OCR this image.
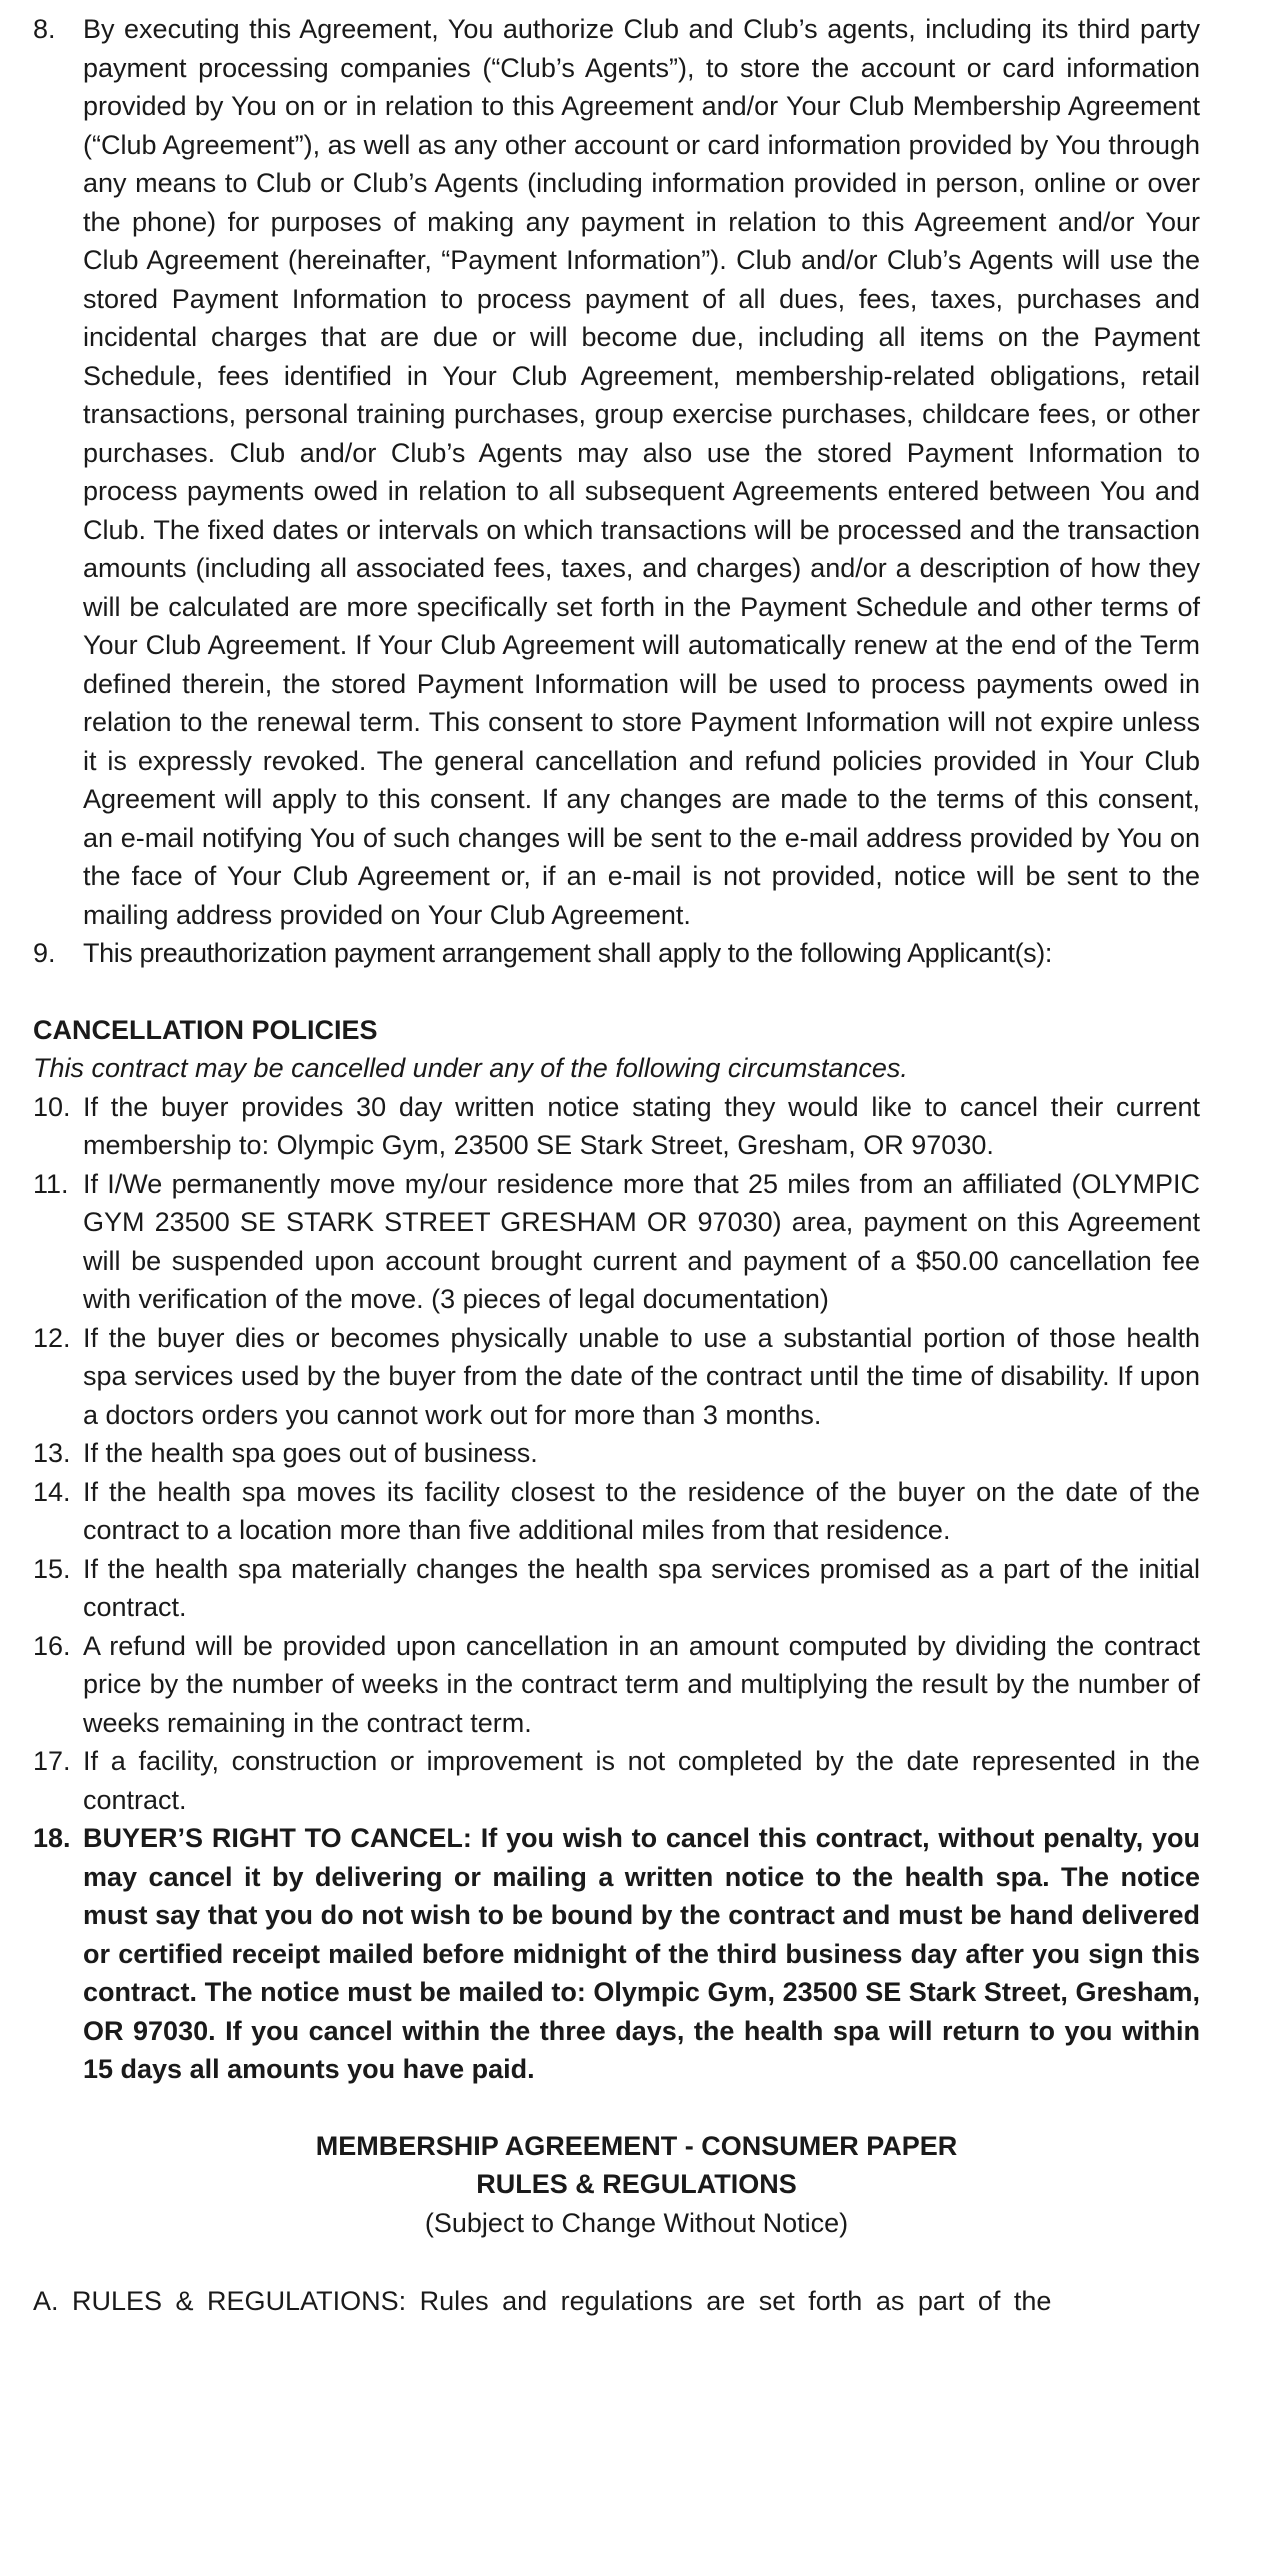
8.	By executing this Agreement, You authorize Club and Club’s agents, including its third party payment processing companies (“Club’s Agents”), to store the account or card information provided by You on or in relation to this Agreement and/or Your Club Membership Agreement (“Club Agreement”), as well as any other account or card information provided by You through any means to Club or Club’s Agents (including information provided in person, online or over the phone) for purposes of making any payment in relation to this Agreement and/or Your Club Agreement (hereinafter, “Payment Information”). Club and/or Club’s Agents will use the stored Payment Information to process payment of all dues, fees, taxes, purchases and incidental charges that are due or will become due, including all items on the Payment Schedule, fees identified in Your Club Agreement, membership-related obligations, retail transactions, personal training purchases, group exercise purchases, childcare fees, or other purchases. Club and/or Club’s Agents may also use the stored Payment Information to process payments owed in relation to all subsequent Agreements entered between You and Club. The fixed dates or intervals on which transactions will be processed and the transaction amounts (including all associated fees, taxes, and charges) and/or a description of how they will be calculated are more specifically set forth in the Payment Schedule and other terms of Your Club Agreement. If Your Club Agreement will automatically renew at the end of the Term defined therein, the stored Payment Information will be used to process payments owed in relation to the renewal term. This consent to store Payment Information will not expire unless it is expressly revoked. The general cancellation and refund policies provided in Your Club Agreement will apply to this consent. If any changes are made to the terms of this consent, an e-mail notifying You of such changes will be sent to the e-mail address provided by You on the face of Your Club Agreement or, if an e-mail is not provided, notice will be sent to the mailing address provided on Your Club Agreement.
9.	This preauthorization payment arrangement shall apply to the following Applicant(s):
CANCELLATION POLICIES
This contract may be cancelled under any of the following circumstances.
10. If the buyer provides 30 day written notice stating they would like to cancel their current membership to: Olympic Gym, 23500 SE Stark Street, Gresham, OR 97030.
11. If I/We permanently move my/our residence more that 25 miles from an affiliated (OLYMPIC GYM 23500 SE STARK STREET GRESHAM OR 97030) area, payment on this Agreement will be suspended upon account brought current and payment of a $50.00 cancellation fee with verification of the move. (3 pieces of legal documentation)
12. If the buyer dies or becomes physically unable to use a substantial portion of those health spa services used by the buyer from the date of the contract until the time of disability. If upon a doctors orders you cannot work out for more than 3 months.
13. If the health spa goes out of business.
14. If the health spa moves its facility closest to the residence of the buyer on the date of the contract to a location more than five additional miles from that residence.
15. If the health spa materially changes the health spa services promised as a part of the initial contract.
16. A refund will be provided upon cancellation in an amount computed by dividing the contract price by the number of weeks in the contract term and multiplying the result by the number of weeks remaining in the contract term.
17. If a facility, construction or improvement is not completed by the date represented in the contract.
18. BUYER’S RIGHT TO CANCEL: If you wish to cancel this contract, without penalty, you may cancel it by delivering or mailing a written notice to the health spa. The notice must say that you do not wish to be bound by the contract and must be hand delivered or certified receipt mailed before midnight of the third business day after you sign this contract. The notice must be mailed to: Olympic Gym, 23500 SE Stark Street, Gresham, OR 97030. If you cancel within the three days, the health spa will return to you within 15 days all amounts you have paid.
MEMBERSHIP AGREEMENT - CONSUMER PAPER
RULES & REGULATIONS
(Subject to Change Without Notice)
A. RULES & REGULATIONS: Rules and regulations are set forth as part of the
